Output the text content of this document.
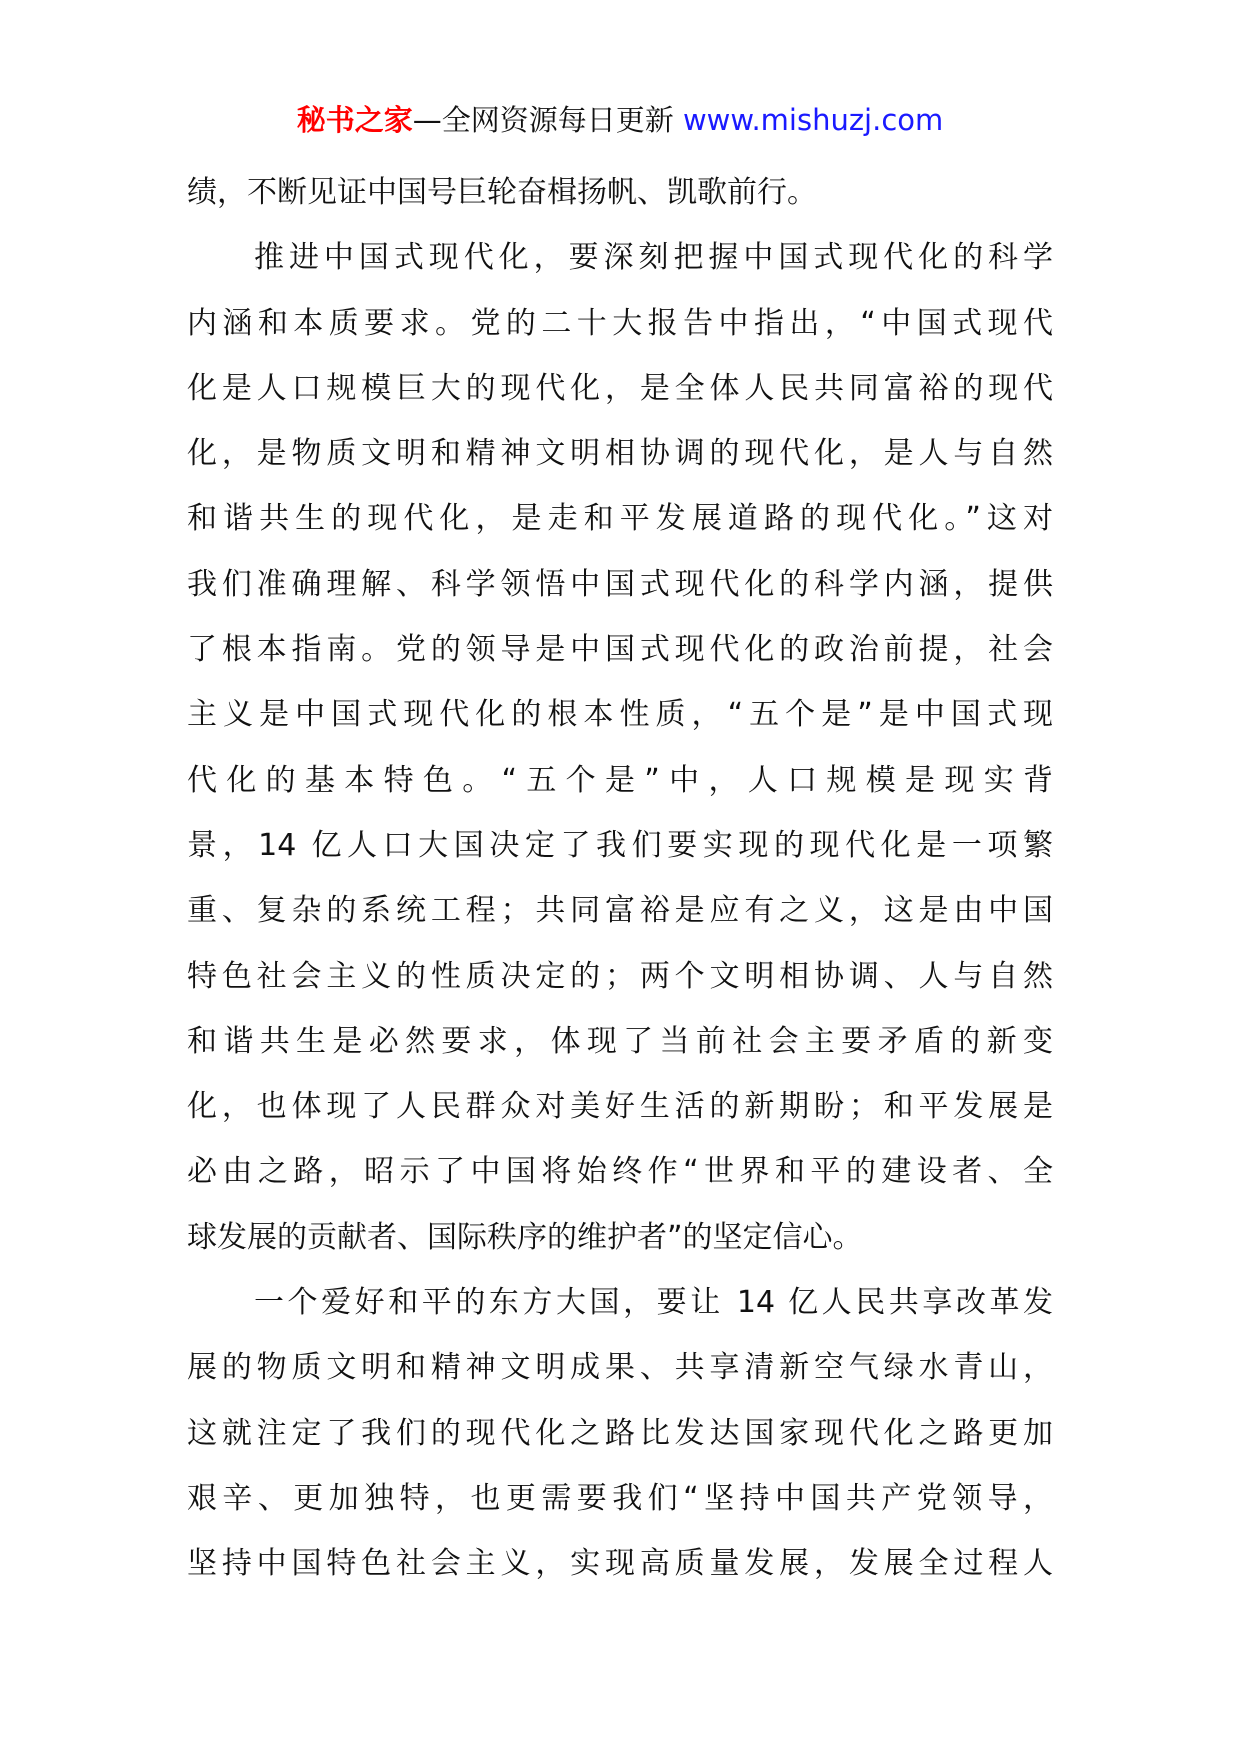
秘书之家—全网资源每日更新 www.mishuzj.com
绩，不断见证中国号巨轮奋楫扬帆、凯歌前行。
推进中国式现代化，要深刻把握中国式现代化的科学
内涵和本质要求。党的二十大报告中指出，“中国式现代
化是人口规模巨大的现代化，是全体人民共同富裕的现代
化，是物质文明和精神文明相协调的现代化，是人与自然
和谐共生的现代化，是走和平发展道路的现代化。”这对
我们准确理解、科学领悟中国式现代化的科学内涵，提供
了根本指南。党的领导是中国式现代化的政治前提，社会
主义是中国式现代化的根本性质，“五个是”是中国式现
代化的基本特色。“五个是”中，人口规模是现实背
景，14 亿人口大国决定了我们要实现的现代化是一项繁
重、复杂的系统工程；共同富裕是应有之义，这是由中国
特色社会主义的性质决定的；两个文明相协调、人与自然
和谐共生是必然要求，体现了当前社会主要矛盾的新变
化，也体现了人民群众对美好生活的新期盼；和平发展是
必由之路，昭示了中国将始终作“世界和平的建设者、全
球发展的贡献者、国际秩序的维护者”的坚定信心。
一个爱好和平的东方大国，要让 14 亿人民共享改革发
展的物质文明和精神文明成果、共享清新空气绿水青山，
这就注定了我们的现代化之路比发达国家现代化之路更加
艰辛、更加独特，也更需要我们“坚持中国共产党领导，
坚持中国特色社会主义，实现高质量发展，发展全过程人
